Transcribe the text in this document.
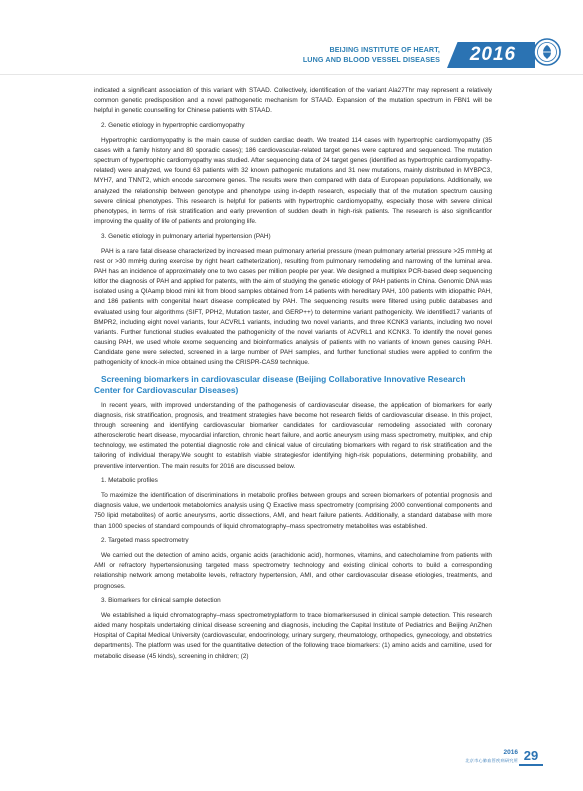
BEIJING INSTITUTE OF HEART,
LUNG AND BLOOD VESSEL DISEASES	2016

indicated a significant association of this variant with STAAD. Collectively, identification of the variant Ala27Thr may represent a relatively common genetic predisposition and a novel pathogenetic mechanism for STAAD. Expansion of the mutation spectrum in FBN1 will be helpful in genetic counselling for Chinese patients with STAAD.

2. Genetic etiology in hypertrophic cardiomyopathy

Hypertrophic cardiomyopathy is the main cause of sudden cardiac death. We treated 114 cases with hypertrophic cardiomyopathy (35 cases with a family history and 80 sporadic cases); 186 cardiovascular-related target genes were captured and sequenced. The mutation spectrum of hypertrophic cardiomyopathy was studied. After sequencing data of 24 target genes (identified as hypertrophic cardiomyopathy-related) were analyzed, we found 63 patients with 32 known pathogenic mutations and 31 new mutations, mainly distributed in MYBPC3, MYH7, and TNNT2, which encode sarcomere genes. The results were then compared with data of European populations. Additionally, we analyzed the relationship between genotype and phenotype using in-depth research, especially that of the mutation spectrum causing severe clinical phenotypes. This research is helpful for patients with hypertrophic cardiomyopathy, especially those with severe clinical phenotypes, in terms of risk stratification and early prevention of sudden death in high-risk patients. The research is also significantfor improving the quality of life of patients and prolonging life.

3. Genetic etiology in pulmonary arterial hypertension (PAH)

PAH is a rare fatal disease characterized by increased mean pulmonary arterial pressure (mean pulmonary arterial pressure >25 mmHg at rest or >30 mmHg during exercise by right heart catheterization), resulting from pulmonary remodeling and narrowing of the luminal area. PAH has an incidence of approximately one to two cases per million people per year. We designed a multiplex PCR-based deep sequencing kitfor the diagnosis of PAH and applied for patents, with the aim of studying the genetic etiology of PAH patients in China. Genomic DNA was isolated using a QIAamp blood mini kit from blood samples obtained from 14 patients with hereditary PAH, 100 patients with idiopathic PAH, and 186 patients with congenital heart disease complicated by PAH. The sequencing results were filtered using public databases and evaluated using four algorithms (SIFT, PPH2, Mutation taster, and GERP++) to determine variant pathogenicity. We identified17 variants of BMPR2, including eight novel variants, four ACVRL1 variants, including two novel variants, and three KCNK3 variants, including two novel variants. Further functional studies evaluated the pathogenicity of the novel variants of ACVRL1 and KCNK3. To identify the novel genes causing PAH, we used whole exome sequencing and bioinformatics analysis of patients with no variants of known genes causing PAH. Candidate gene were selected, screened in a large number of PAH samples, and further functional studies were applied to confirm the pathogenicity of knock-in mice obtained using the CRISPR-CAS9 technique.

Screening biomarkers in cardiovascular disease (Beijing Collaborative Innovative Research Center for Cardiovascular Diseases)

In recent years, with improved understanding of the pathogenesis of cardiovascular disease, the application of biomarkers for early diagnosis, risk stratification, prognosis, and treatment strategies have become hot research fields of cardiovascular disease. In this project, through screening and identifying cardiovascular biomarker candidates for cardiovascular remodeling associated with coronary atherosclerotic heart disease, myocardial infarction, chronic heart failure, and aortic aneurysm using mass spectrometry, multiplex, and chip technology, we estimated the potential diagnostic role and clinical value of circulating biomarkers with regard to risk stratification and the tailoring of individual therapy.We sought to establish viable strategiesfor identifying high-risk populations, determining probability, and preventive intervention. The main results for 2016 are discussed below.

1. Metabolic profiles

To maximize the identification of discriminations in metabolic profiles between groups and screen biomarkers of potential prognosis and diagnosis value, we undertook metabolomics analysis using Q Exactive mass spectrometry (comprising 2000 conventional components and 750 lipid metabolites) of aortic aneurysms, aortic dissections, AMI, and heart failure patients. Additionally, a standard database with more than 1000 species of standard compounds of liquid chromatography–mass spectrometry metabolites was established.

2. Targeted mass spectrometry

We carried out the detection of amino acids, organic acids (arachidonic acid), hormones, vitamins, and catecholamine from patients with AMI or refractory hypertensionusing targeted mass spectrometry technology and existing clinical cohorts to build a corresponding relationship network among metabolite levels, refractory hypertension, AMI, and other cardiovascular disease etiologies, treatments, and prognoses.

3. Biomarkers for clinical sample detection

We established a liquid chromatography–mass spectrometryplatform to trace biomarkersused in clinical sample detection. This research aided many hospitals undertaking clinical disease screening and diagnosis, including the Capital Institute of Pediatrics and Beijing AnZhen Hospital of Capital Medical University (cardiovascular, endocrinology, urinary surgery, rheumatology, orthopedics, gynecology, and obstetrics departments). The platform was used for the quantitative detection of the following trace biomarkers: (1) amino acids and carnitine, used for metabolic disease (45 kinds), screening in children; (2)

2016
北京市心肺血管疾病研究所 29
